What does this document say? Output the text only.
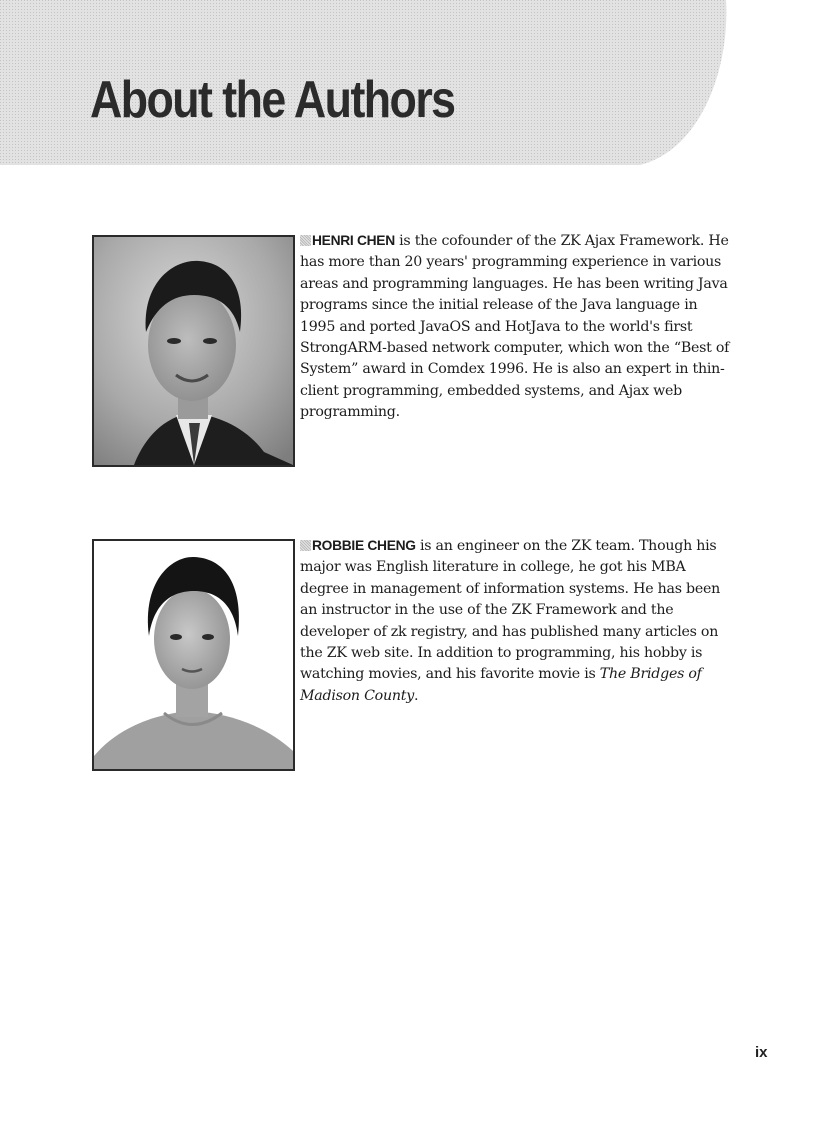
About the Authors

HENRI CHEN is the cofounder of the ZK Ajax Framework. He has more than 20 years' programming experience in various areas and programming languages. He has been writing Java programs since the initial release of the Java language in 1995 and ported JavaOS and HotJava to the world's first StrongARM-based network computer, which won the “Best of System” award in Comdex 1996. He is also an expert in thin-client programming, embedded systems, and Ajax web programming.

ROBBIE CHENG is an engineer on the ZK team. Though his major was English literature in college, he got his MBA degree in management of information systems. He has been an instructor in the use of the ZK Framework and the developer of zk registry, and has published many articles on the ZK web site. In addition to programming, his hobby is watching movies, and his favorite movie is The Bridges of Madison County.

ix
